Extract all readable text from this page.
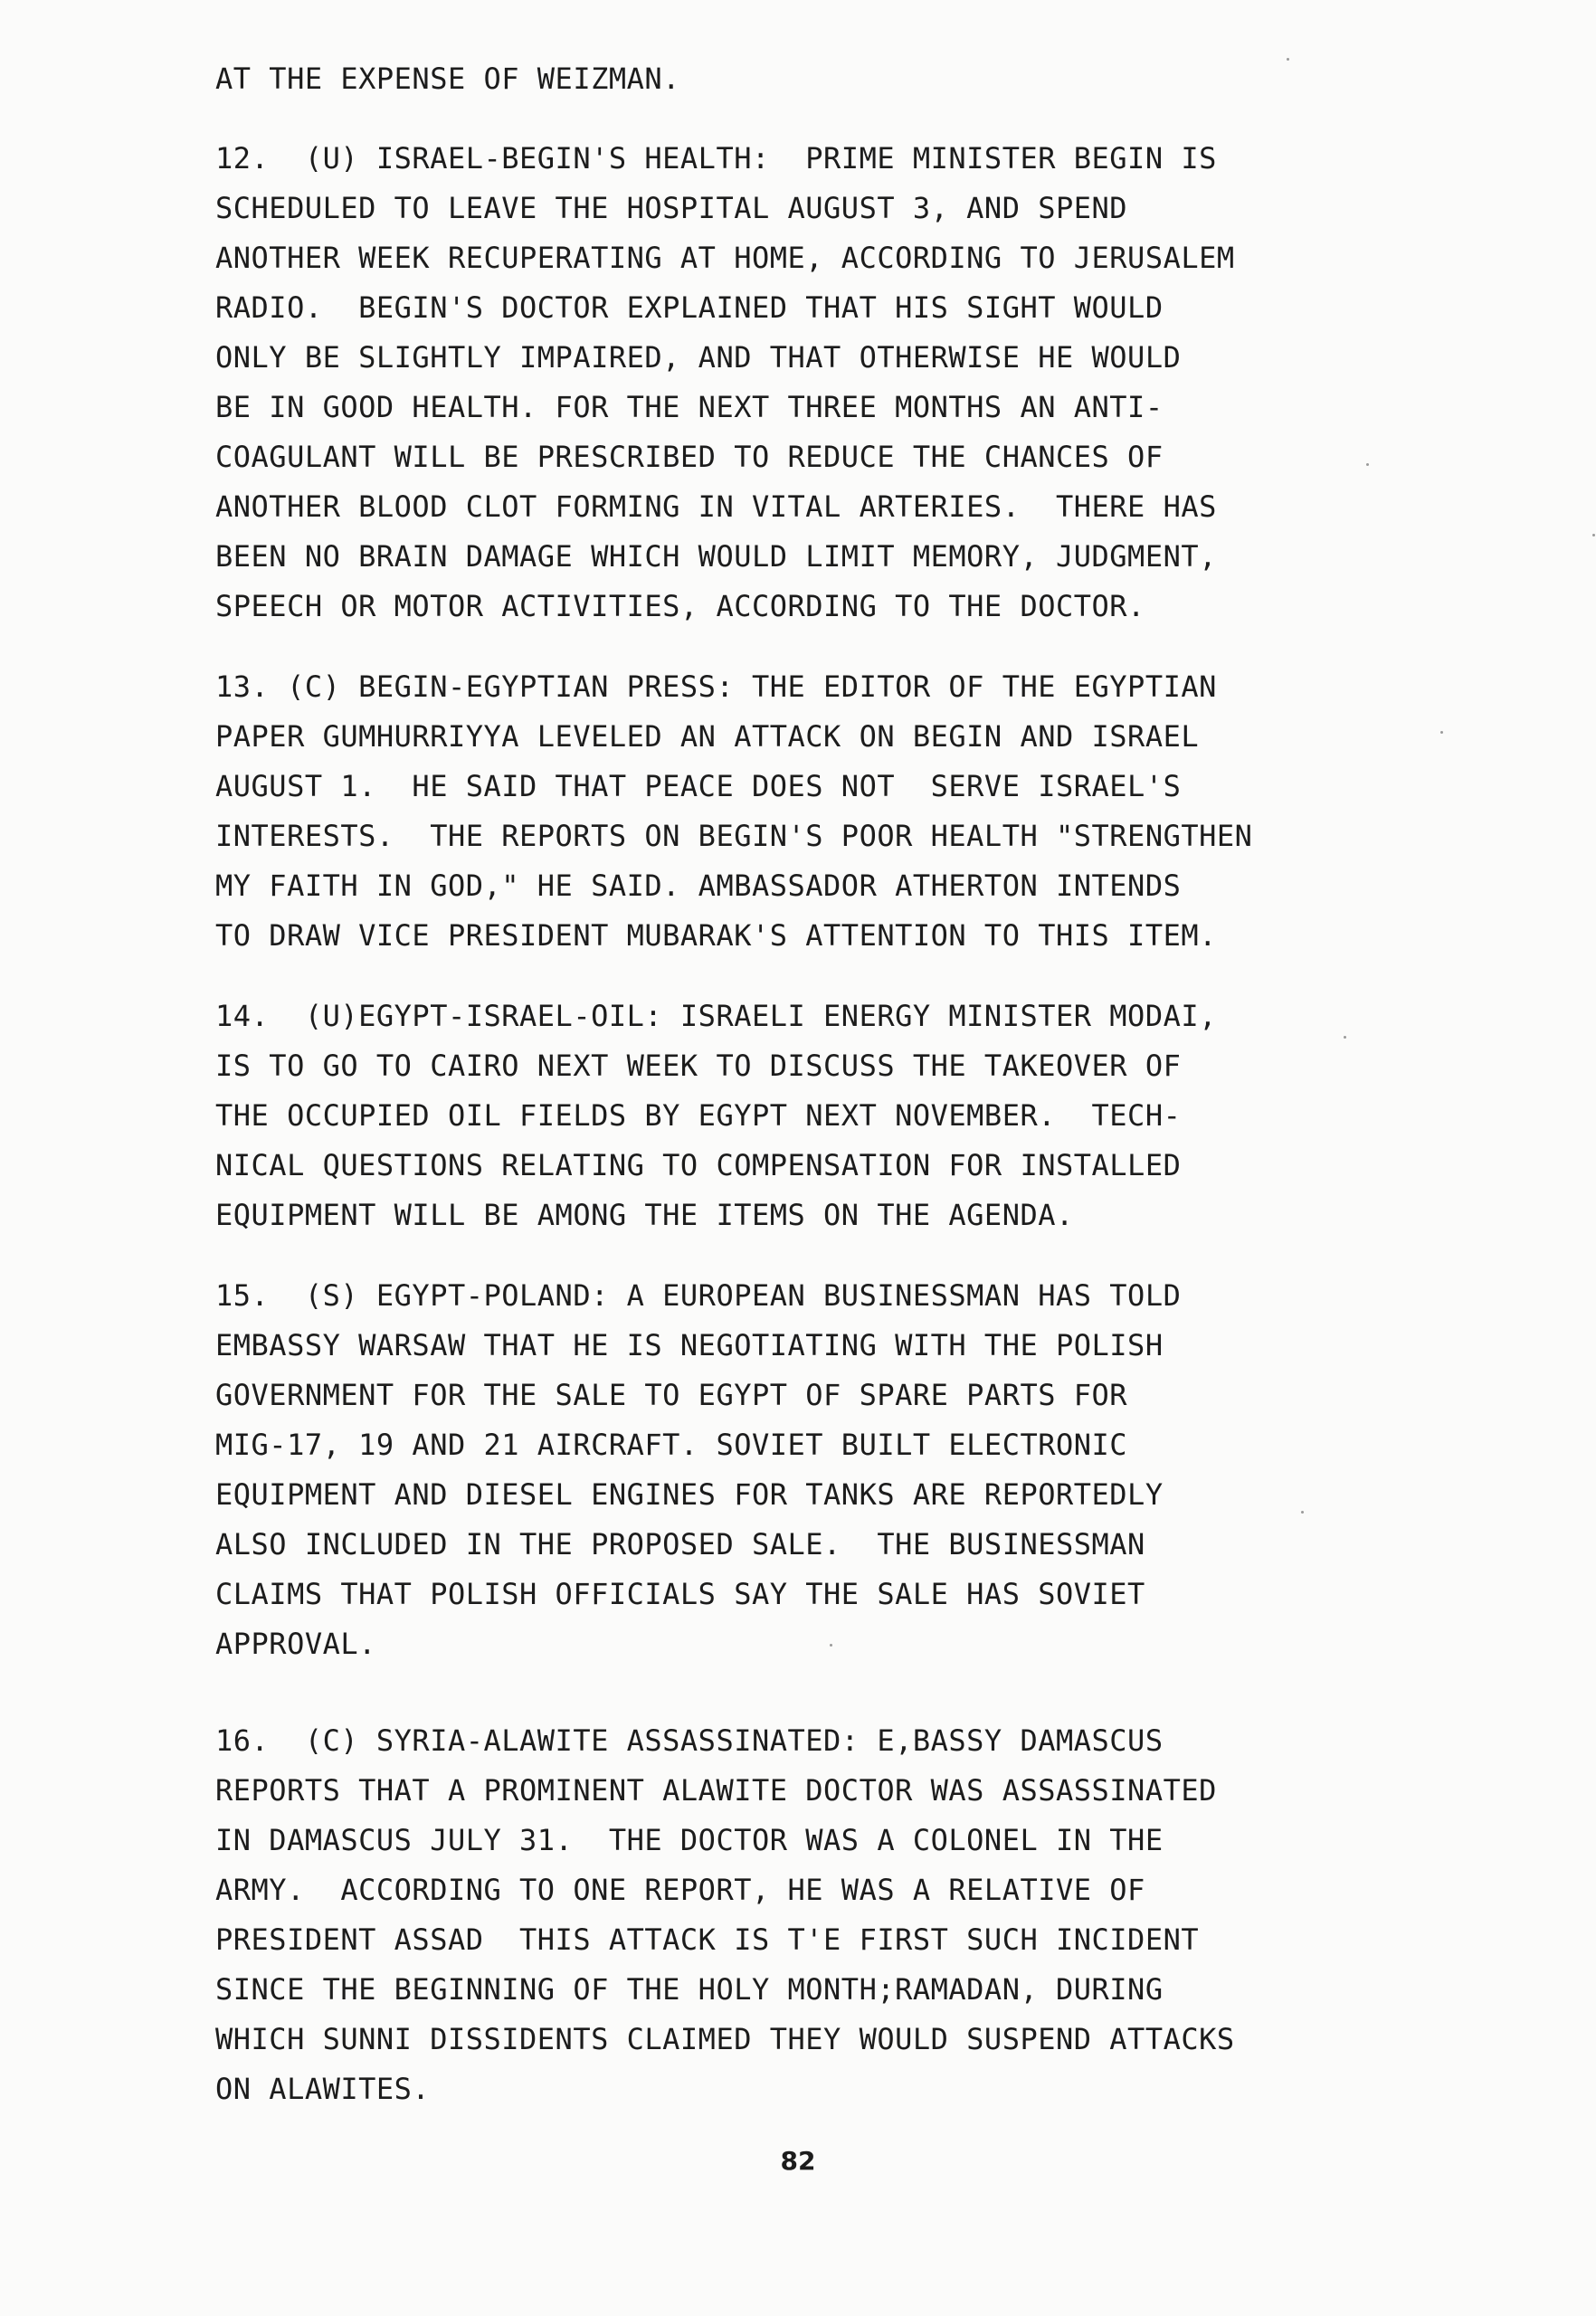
AT THE EXPENSE OF WEIZMAN.
12.  (U) ISRAEL-BEGIN'S HEALTH:  PRIME MINISTER BEGIN IS
SCHEDULED TO LEAVE THE HOSPITAL AUGUST 3, AND SPEND
ANOTHER WEEK RECUPERATING AT HOME, ACCORDING TO JERUSALEM
RADIO.  BEGIN'S DOCTOR EXPLAINED THAT HIS SIGHT WOULD
ONLY BE SLIGHTLY IMPAIRED, AND THAT OTHERWISE HE WOULD
BE IN GOOD HEALTH. FOR THE NEXT THREE MONTHS AN ANTI-
COAGULANT WILL BE PRESCRIBED TO REDUCE THE CHANCES OF
ANOTHER BLOOD CLOT FORMING IN VITAL ARTERIES.  THERE HAS
BEEN NO BRAIN DAMAGE WHICH WOULD LIMIT MEMORY, JUDGMENT,
SPEECH OR MOTOR ACTIVITIES, ACCORDING TO THE DOCTOR.
13. (C) BEGIN-EGYPTIAN PRESS: THE EDITOR OF THE EGYPTIAN
PAPER GUMHURRIYYA LEVELED AN ATTACK ON BEGIN AND ISRAEL
AUGUST 1.  HE SAID THAT PEACE DOES NOT  SERVE ISRAEL'S
INTERESTS.  THE REPORTS ON BEGIN'S POOR HEALTH "STRENGTHEN
MY FAITH IN GOD," HE SAID. AMBASSADOR ATHERTON INTENDS
TO DRAW VICE PRESIDENT MUBARAK'S ATTENTION TO THIS ITEM.
14.  (U)EGYPT-ISRAEL-OIL: ISRAELI ENERGY MINISTER MODAI,
IS TO GO TO CAIRO NEXT WEEK TO DISCUSS THE TAKEOVER OF
THE OCCUPIED OIL FIELDS BY EGYPT NEXT NOVEMBER.  TECH-
NICAL QUESTIONS RELATING TO COMPENSATION FOR INSTALLED
EQUIPMENT WILL BE AMONG THE ITEMS ON THE AGENDA.
15.  (S) EGYPT-POLAND: A EUROPEAN BUSINESSMAN HAS TOLD
EMBASSY WARSAW THAT HE IS NEGOTIATING WITH THE POLISH
GOVERNMENT FOR THE SALE TO EGYPT OF SPARE PARTS FOR
MIG-17, 19 AND 21 AIRCRAFT. SOVIET BUILT ELECTRONIC
EQUIPMENT AND DIESEL ENGINES FOR TANKS ARE REPORTEDLY
ALSO INCLUDED IN THE PROPOSED SALE.  THE BUSINESSMAN
CLAIMS THAT POLISH OFFICIALS SAY THE SALE HAS SOVIET
APPROVAL.
16.  (C) SYRIA-ALAWITE ASSASSINATED: E,BASSY DAMASCUS
REPORTS THAT A PROMINENT ALAWITE DOCTOR WAS ASSASSINATED
IN DAMASCUS JULY 31.  THE DOCTOR WAS A COLONEL IN THE
ARMY.  ACCORDING TO ONE REPORT, HE WAS A RELATIVE OF
PRESIDENT ASSAD  THIS ATTACK IS T'E FIRST SUCH INCIDENT
SINCE THE BEGINNING OF THE HOLY MONTH;RAMADAN, DURING
WHICH SUNNI DISSIDENTS CLAIMED THEY WOULD SUSPEND ATTACKS
ON ALAWITES.
82
